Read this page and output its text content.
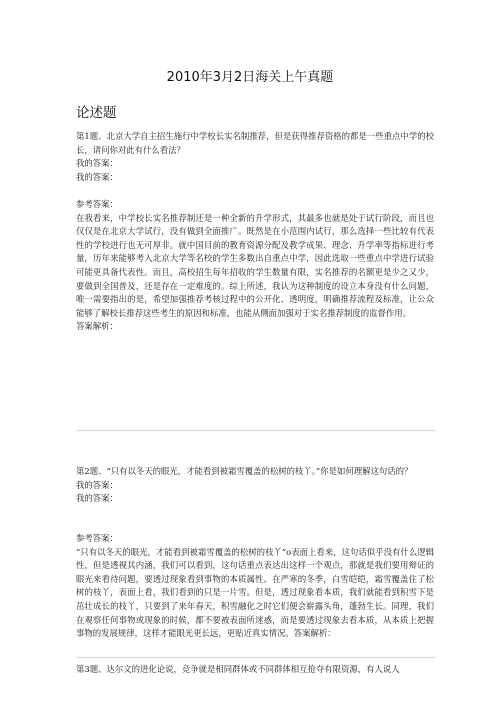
2010年3月2日海关上午真题
论述题

第1题、北京大学自主招生施行中学校长实名制推荐，但是获得推荐资格的都是一些重点中学的校长，请问你对此有什么看法？

我的答案：

我的答案：

参考答案：

在我看来，中学校长实名推荐制还是一种全新的升学形式，其最多也就是处于试行阶段，而且也仅仅是在北京大学试行，没有做到全面推广。既然是在小范围内试行，那么选择一些比较有代表性的学校进行也无可厚非。就中国目前的教育资源分配及教学成果、理念、升学率等指标进行考量，历年来能够考入北京大学等名校的学生多数出自重点中学，因此选取一些重点中学进行试验可能更具备代表性。而且，高校招生每年招收的学生数量有限，实名推荐的名额更是少之又少，要做到全国普及，还是存在一定难度的。综上所述，我认为这种制度的设立本身没有什么问题，唯一需要指出的是，希望加强推荐考核过程中的公开化、透明度，明确推荐流程及标准，让公众能够了解校长推荐这些考生的原因和标准，也能从侧面加强对于实名推荐制度的监督作用。

答案解析：

第2题、“只有以冬天的眼光，才能看到被霜雪覆盖的松树的枝丫。”你是如何理解这句话的？

我的答案：

我的答案：

参考答案：

“只有以冬天的眼光，才能看到被霜雪覆盖的松树的枝丫”o表面上看来，这句话似乎没有什么逻辑性，但是透视其内涵，我们可以看到，这句话重点表达出这样一个观点，那就是我们要用辩证的眼光来看待问题，要透过现象看到事物的本质属性。在严寒的冬季，白雪皑皑，霜雪覆盖住了松树的枝丫，表面上看，我们看到的只是一片雪。但是，透过现象看本质，我们就能看到积雪下是茁壮成长的枝丫，只要到了来年春天，积雪融化之时它们便会崭露头角，蓬勃生长。同理，我们在观察任何事物或现象的时候，都不要被表面所迷惑，而是要透过现象去看本质，从本质上把握事物的发展规律，这样才能眼光更长远，更贴近真实情况。答案解析：

第3题、达尔文的进化论说，竞争就是相同群体或不同群体相互抢夺有限资源，有人说人
